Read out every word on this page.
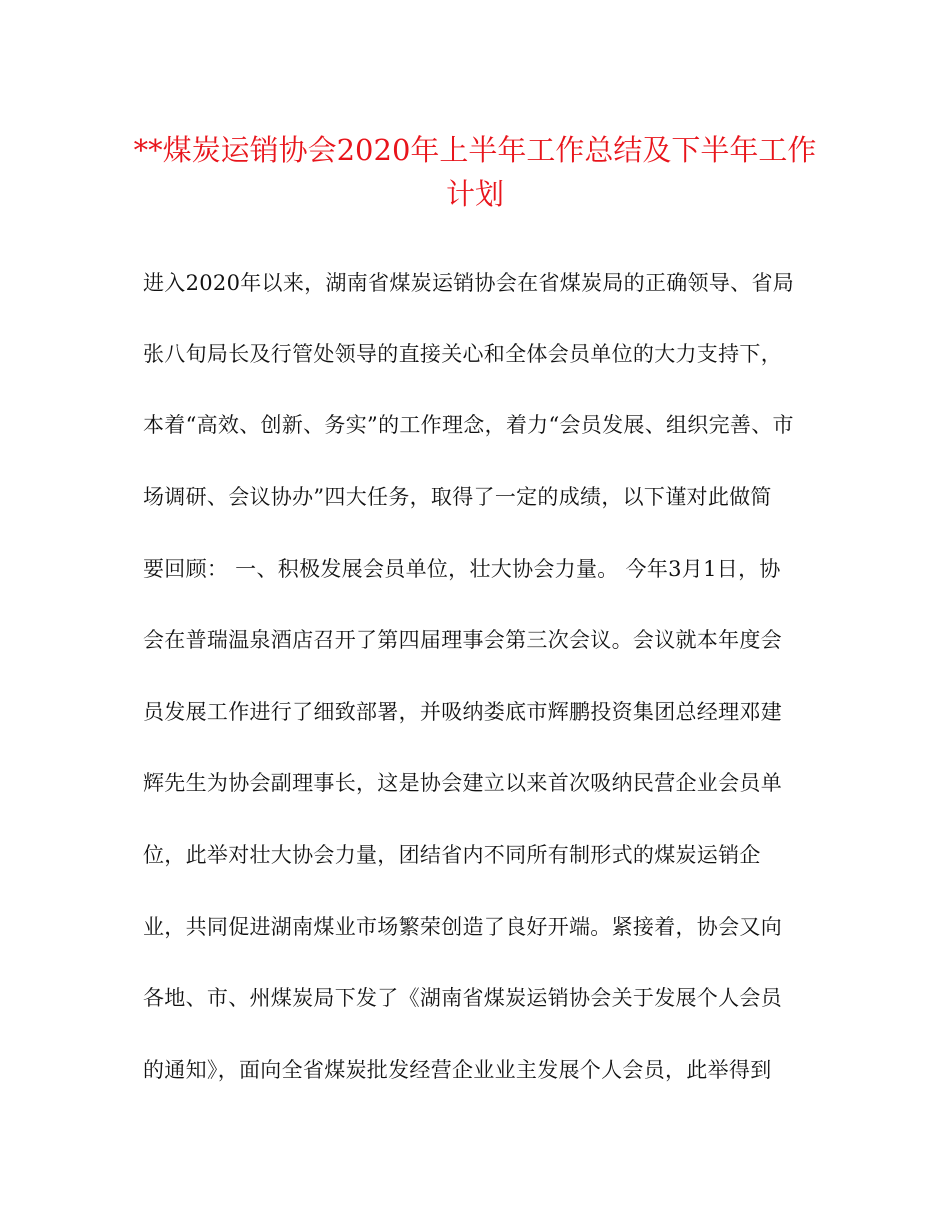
**煤炭运销协会2020年上半年工作总结及下半年工作
计划

进入2020年以来，湖南省煤炭运销协会在省煤炭局的正确领导、省局

张八旬局长及行管处领导的直接关心和全体会员单位的大力支持下，

本着“高效、创新、务实”的工作理念，着力“会员发展、组织完善、市

场调研、会议协办”四大任务，取得了一定的成绩，以下谨对此做简

要回顾： 一、积极发展会员单位，壮大协会力量。 今年3月1日，协

会在普瑞温泉酒店召开了第四届理事会第三次会议。会议就本年度会

员发展工作进行了细致部署，并吸纳娄底市辉鹏投资集团总经理邓建

辉先生为协会副理事长，这是协会建立以来首次吸纳民营企业会员单

位，此举对壮大协会力量，团结省内不同所有制形式的煤炭运销企

业，共同促进湖南煤业市场繁荣创造了良好开端。紧接着，协会又向

各地、市、州煤炭局下发了《湖南省煤炭运销协会关于发展个人会员

的通知》，面向全省煤炭批发经营企业业主发展个人会员，此举得到
